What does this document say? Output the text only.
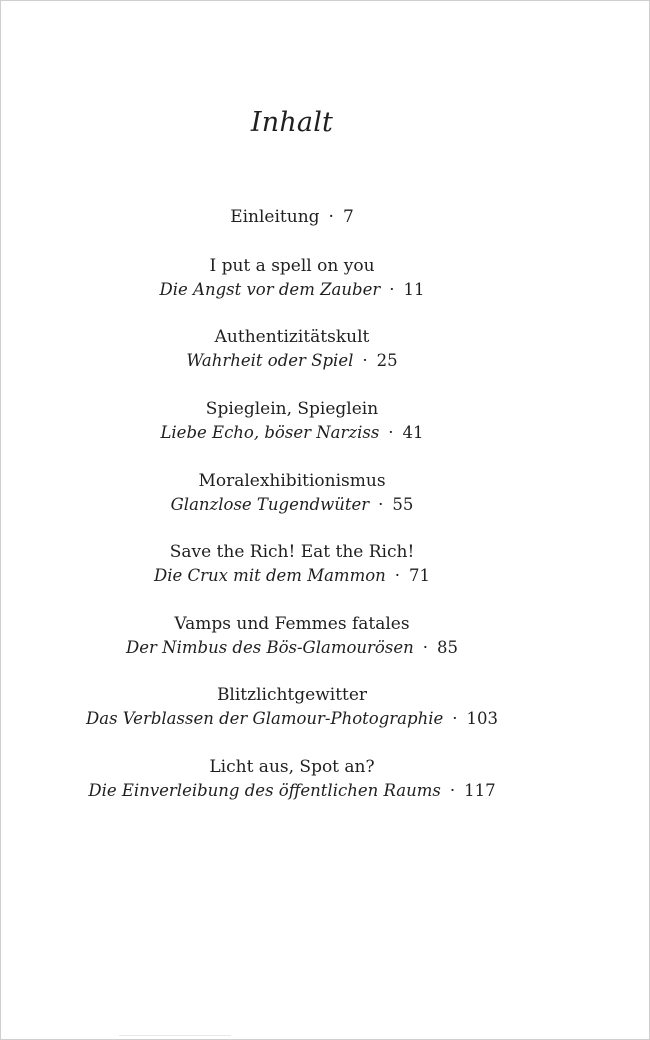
Inhalt
Einleitung · 7
I put a spell on you
Die Angst vor dem Zauber · 11
Authentizitätskult
Wahrheit oder Spiel · 25
Spieglein, Spieglein
Liebe Echo, böser Narziss · 41
Moralexhibitionismus
Glanzlose Tugendwüter · 55
Save the Rich! Eat the Rich!
Die Crux mit dem Mammon · 71
Vamps und Femmes fatales
Der Nimbus des Bös-Glamourösen · 85
Blitzlichtgewitter
Das Verblassen der Glamour-Photographie · 103
Licht aus, Spot an?
Die Einverleibung des öffentlichen Raums · 117
